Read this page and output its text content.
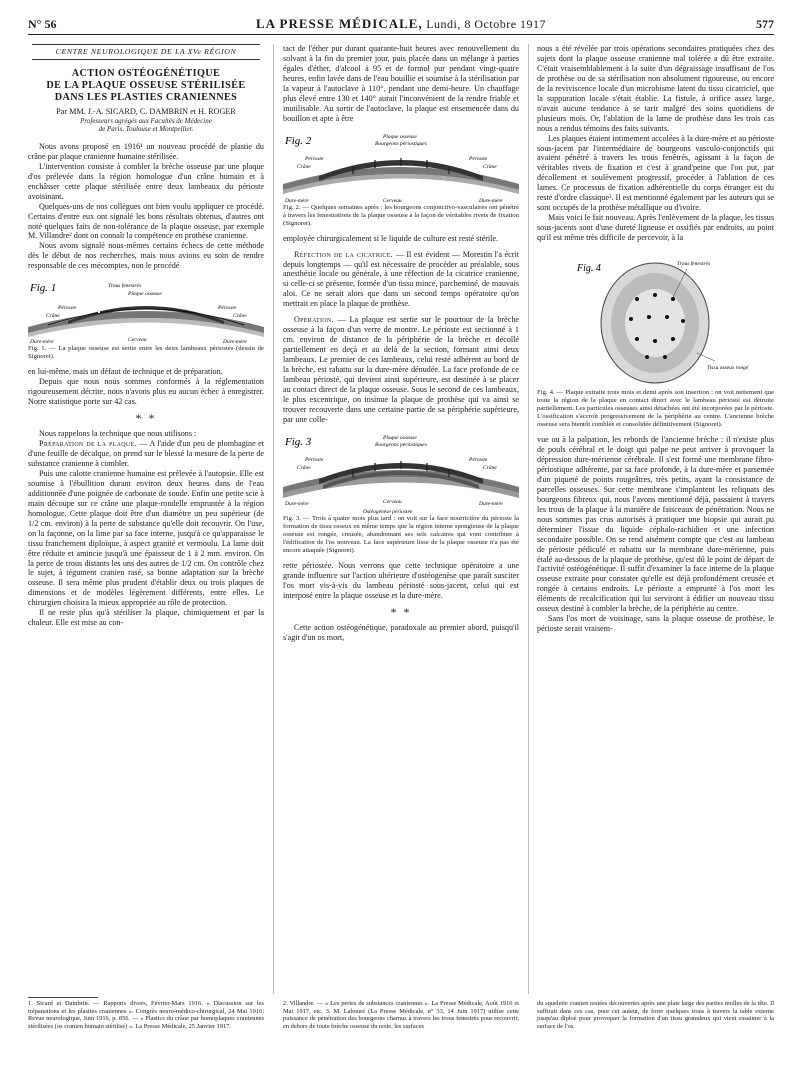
N° 56	LA PRESSE MÉDICALE, Lundi, 8 Octobre 1917	577
CENTRE NEUROLOGIQUE DE LA XVe RÉGION
ACTION OSTÉOGÉNÉTIQUE
DE LA PLAQUE OSSEUSE STÉRILISÉE
DANS LES PLASTIES CRANIENNES
Par MM. J.-A. SICARD, C. DAMBRIN et H. ROGER
Professeurs agrégés aux Facultés de Médecine
de Paris, Toulouse et Montpellier.

Nous avons proposé en 1916¹ un nouveau procédé de plastie du crâne par plaque cranienne humaine stérilisée.

L'intervention consiste à combler la brèche osseuse par une plaque d'os prélevée dans la région homologue d'un crâne humain et à enchâsser cette plaque stérilisée entre deux lambeaux du périoste avoisinant.

Quelques-uns de nos collègues ont bien voulu appliquer ce procédé. Certains d'entre eux ont signalé les bons résultats obtenus, d'autres ont noté quelques faits de non-tolérance de la plaque osseuse, par exemple M. Villandre² dont on connaît la compétence en prothèse cranienne.

Nous avons signalé nous-mêmes certains échecs de cette méthode dès le début de nos recherches, mais nous avions eu soin de rendre responsable de ces mécomptes, non le procédé

Fig. 1	Trous fenestrés
Plaque osseuse
Périoste
Crâne
Périoste
Crâne
Dure-mère	Cerveau	Dure-mère
Fig. 1. — La plaque osseuse est sertie entre les deux lambeaux périostés (dessin de Signoret).

en lui-même, mais un défaut de technique et de préparation.

Depuis que nous nous sommes conformés à la réglementation rigoureusement décrite, nous n'avons plus eu aucun échec à enregistrer. Notre statistique porte sur 42 cas.

* *

Nous rappelons la technique que nous utilisons :

Préparation de la plaque. — A l'aide d'un peu de plombagine et d'une feuille de décalque, on prend sur le blessé la mesure de la perte de substance cranienne à combler.

Puis une calotte cranienne humaine est prélevée à l'autopsie. Elle est soumise à l'ébullition durant environ deux heures dans de l'eau additionnée d'une poignée de carbonate de soude. Enfin une petite scie à main découpe sur ce crâne une plaque-rondelle empruntée à la région homologue. Cette plaque doit être d'un diamètre un peu supérieur (de 1/2 cm. environ) à la perte de substance qu'elle doit recouvrir. On l'use, on la façonne, on la lime par sa face interne, jusqu'à ce qu'apparaisse le tissu franchement diploïque, à aspect granité et vermoulu. La lame doit être réduite et amincie jusqu'à une épaisseur de 1 à 2 mm. environ. On la perce de trous distants les uns des autres de 1/2 cm. On contrôle chez le sujet, à tégument cranien rasé, sa bonne adaptation sur la brèche osseuse. Il sera même plus prudent d'établir deux ou trois plaques de dimensions et de modèles légèrement différents, entre elles. Le chirurgien choisira la mieux appropriée au rôle de protection.

Il ne reste plus qu'à stériliser la plaque, chimiquement et par la chaleur. Elle est mise au con-

tact de l'éther pur durant quarante-huit heures avec renouvellement du solvant à la fin du premier jour, puis placée dans un mélange à parties égales d'éther, d'alcool à 95 et de formol pur pendant vingt-quatre heures, enfin lavée dans de l'eau bouillie et soumise à la stérilisation par la vapeur à l'autoclave à 110°, pendant une demi-heure. Un chauffage plus élevé entre 130 et 140° aurait l'inconvénient de la rendre friable et inutilisable. Au sortir de l'autoclave, la plaque est ensemencée dans du bouillon et apte à être

Fig. 2	Plaque osseuse
Bourgeons périostiques
Périoste
Crâne
Périoste
Crâne
Dure-mère	Cerveau	Dure-mère
Fig. 2. — Quelques semaines après : les bourgeons conjonctivo-vasculaires ont pénétré à travers les fenestrations de la plaque osseuse à la façon de véritables rivets de fixation (Signoret).

employée chirurgicalement si le liquide de culture est resté stérile.

Réfection de la cicatrice. — Il est évident — Morestin l'a écrit depuis longtemps — qu'il est nécessaire de procéder au préalable, sous anesthésie locale ou générale, à une réfection de la cicatrice cranienne, si celle-ci se présente, formée d'un tissu mince, parcheminé, de mauvais aloi. Ce ne serait alors que dans un second temps opératoire qu'on mettrait en place la plaque de prothèse.

Opération. — La plaque est sertie sur le pourtour de la brèche osseuse à la façon d'un verre de montre. Le périoste est sectionné à 1 cm. environ de distance de la périphérie de la brèche et décollé partiellement en deçà et au delà de la section, formant ainsi deux lambeaux. Le premier de ces lambeaux, celui resté adhérent au bord de la brèche, est rabattu sur la dure-mère dénudée. La face profonde de ce lambeau périosté, qui devient ainsi supérieure, est destinée à se placer au contact direct de la plaque osseuse. Sous le second de ces lambeaux, le plus excentrique, on insinue la plaque de prothèse qui va ainsi se trouver recouverte dans une certaine partie de sa périphérie supérieure, par une colle-

Fig. 3	Plaque osseuse
Bourgeons périostiques
Périoste
Crâne
Périoste
Crâne
Dure-mère	Cerveau	Dure-mère
Ostéogénèse périostée
Fig. 3. — Trois à quatre mois plus tard : on voit sur la face nourricière du périoste la formation de tissu osseux en même temps que la région interne spongieuse de la plaque osseuse est rongée, creusée, abandonnant ses sels calcaires qui vont contribuer à l'édification de l'os nouveau. La face supérieure lisse de la plaque osseuse n'a pas été encore attaquée (Signoret).

rette périostée. Nous verrons que cette technique opératoire a une grande influence sur l'action ultérieure d'ostéogenèse que paraît susciter l'os mort vis-à-vis du lambeau périosté sous-jacent, celui qui est interposé entre la plaque osseuse et la dure-mère.

* *

Cette action ostéogénétique, paradoxale au premier abord, puisqu'il s'agit d'un os mort,

nous a été révélée par trois opérations secondaires pratiquées chez des sujets dont la plaque osseuse cranienne mal tolérée a dû être extraite. C'était vraisemblablement à la suite d'un dégraissage insuffisant de l'os de prothèse ou de sa stérilisation non absolument rigoureuse, ou encore de la reviviscence locale d'un microbisme latent du tissu cicatriciel, que la suppuration locale s'était établie. La fistule, à orifice assez large, n'avait aucune tendance à se tarir malgré des soins quotidiens de plusieurs mois. Or, l'ablation de la lame de prothèse dans les trois cas nous a rendus témoins des faits suivants.

Les plaques étaient intimement accolées à la dure-mère et au périoste sous-jacent par l'intermédiaire de bourgeons vasculo-conjonctifs qui avaient pénétré à travers les trous fenêtrés, agissant à la façon de véritables rivets de fixation et c'est à grand'peine que l'on put, par décollement et soulèvement progressif, procéder à l'ablation de ces lames. Ce processus de fixation adhérentielle du corps étranger est du reste d'ordre classique³. Il est mentionné également par les auteurs qui se sont occupés de la prothèse métallique ou d'ivoire.

Mais voici le fait nouveau. Après l'enlèvement de la plaque, les tissus sous-jacents sont d'une dureté ligneuse et ossifiés par endroits, au point qu'il est même très difficile de percevoir, à la

Fig. 4	Trous fenestrés
Tissu osseux rongé
Fig. 4. — Plaque extraite trois mois et demi après son insertion : on voit nettement que toute la région de la plaque en contact direct avec le lambeau périosté est détruite partiellement. Les particules osseuses ainsi détachées ont été incorporées par le périoste. L'ossification s'accroît progressivement de la périphérie au centre. L'ancienne brèche osseuse sera bientôt comblée et consolidée définitivement (Signoret).

vue ou à la palpation, les rebords de l'ancienne brèche : il n'existe plus de pouls cérébral et le doigt qui palpe ne peut arriver à provoquer la dépression dure-mérienne cérébrale. Il s'est formé une membrane fibro-périostique adhérente, par sa face profonde, à la dure-mère et parsemée d'un piqueté de points rougeâtres, très petits, ayant la consistance de parcelles osseuses. Sur cette membrane s'implantent les reliquats des bourgeons fibreux qui, nous l'avons mentionné déjà, passaient à travers les trous de la plaque à la manière de faisceaux de pénétration. Nous ne nous sommes pas crus autorisés à pratiquer une biopsie qui aurait pu déterminer l'issue du liquide céphalo-rachidien et une infection secondaire possible. On se rend aisément compte que c'est au lambeau de périoste pédiculé et rabattu sur la membrane dure-mérienne, puis étalé au-dessous de la plaque de prothèse, qu'est dû le point de départ de l'activité ostéogénétique. Il suffit d'examiner la face interne de la plaque osseuse extraite pour constater qu'elle est déjà profondément creusée et rongée à certains endroits. Le périoste a emprunté à l'os mort les éléments de recalcification qui lui serviront à édifier un nouveau tissu osseux destiné à combler la brèche, de la périphérie au centre.

Sans l'os mort de voisinage, sans la plaque osseuse de prothèse, le périoste serait vraisem-

1. Sicard et Dambrin. — Rapports divers, Février-Mars 1916. « Discussion sur les trépanations et les plasties craniennes ». Congrès neuro-médico-chirurgical, 24 Mai 1916; Revue neurologique, Juin 1916, p. 856. — « Plastics du crâne par homoplaques craniennes stérilisées (os cranien humain stérilisé) ». La Presse Médicale, 25 Janvier 1917.
2. Villandre. — « Les pertes de substances craniennes ». La Presse Médicale, Août 1916 et Mai 1917, etc. 3. M. Labouré (La Presse Médicale, n° 33, 14 Juin 1917) utilise cette puissance de pénétration des bourgeons charnus à travers les trous fenestrés pour recouvrir, en dehors de toute brèche osseuse du reste, les surfaces
du squelette cranien restées découvertes après une plaie large des parties molles de la tête. Il suffirait dans ces cas, pour cet auteur, de forer quelques trous à travers la table externe jusqu'au diploé pour provoquer la formation d'un tissu granuleux qui vient essaimer à la surface de l'os.
